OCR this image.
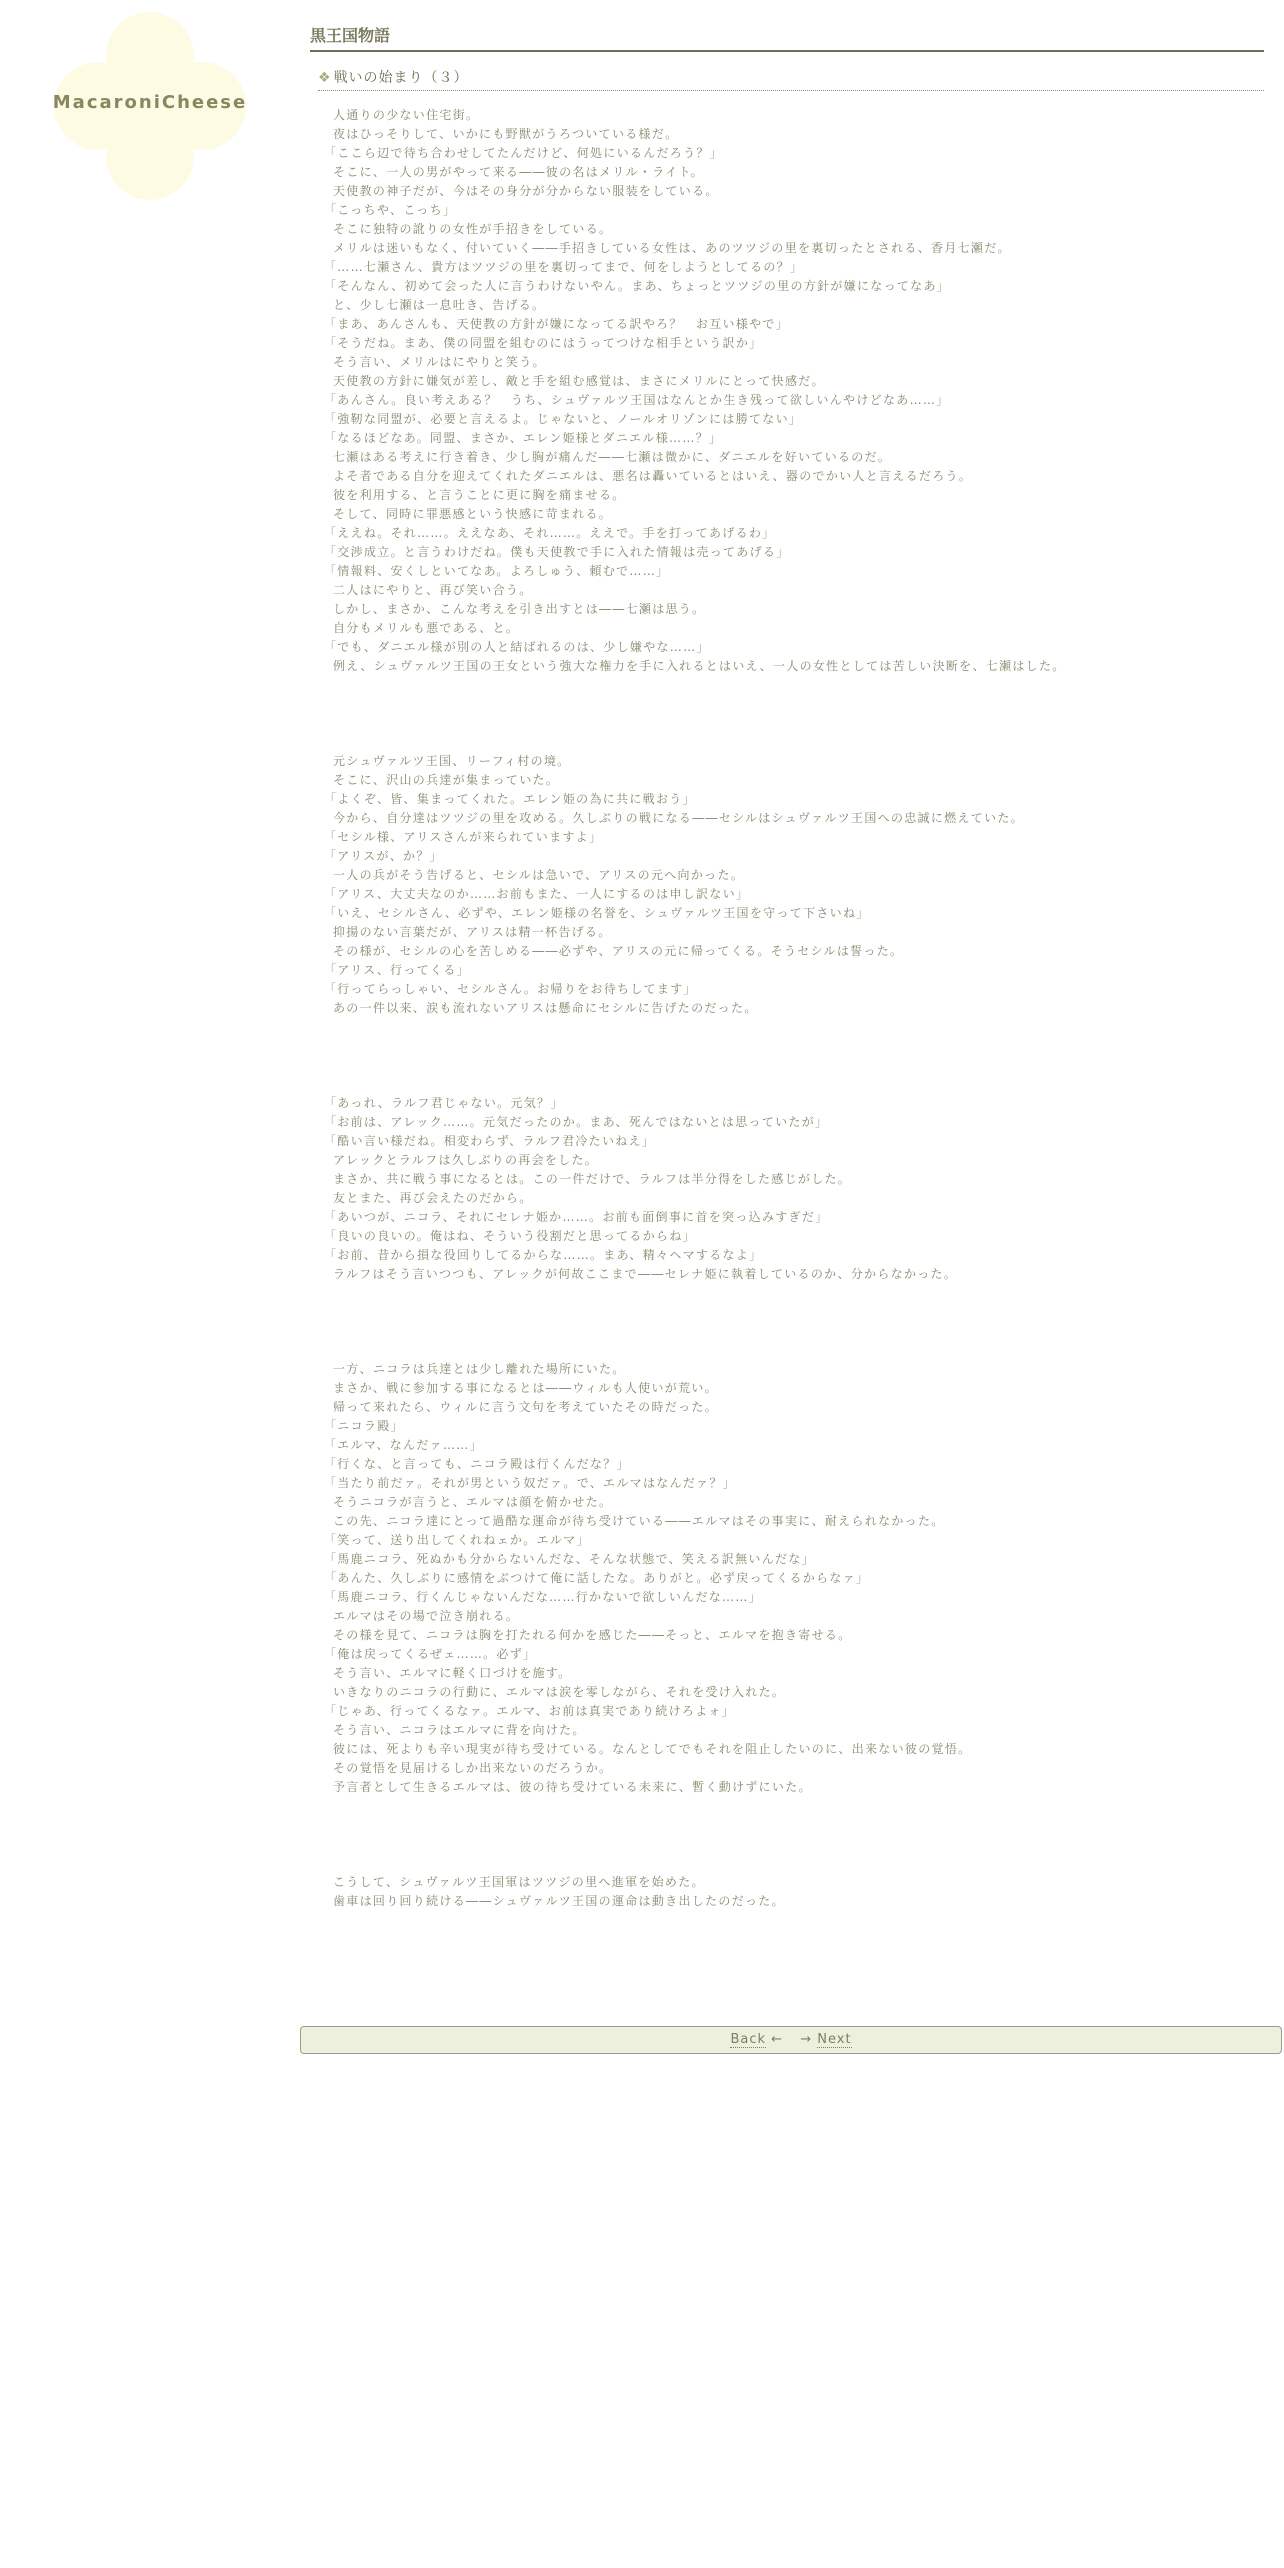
MacaroniCheese
黒王国物語
❖ 戦いの始まり（３）
人通りの少ない住宅街。
夜はひっそりして、いかにも野獣がうろついている様だ。
「ここら辺で待ち合わせしてたんだけど、何処にいるんだろう？」
そこに、一人の男がやって来る――彼の名はメリル・ライト。
天使教の神子だが、今はその身分が分からない服装をしている。
「こっちや、こっち」
そこに独特の訛りの女性が手招きをしている。
メリルは迷いもなく、付いていく――手招きしている女性は、あのツツジの里を裏切ったとされる、香月七瀬だ。
「……七瀬さん、貴方はツツジの里を裏切ってまで、何をしようとしてるの？」
「そんなん、初めて会った人に言うわけないやん。まあ、ちょっとツツジの里の方針が嫌になってなあ」
と、少し七瀬は一息吐き、告げる。
「まあ、あんさんも、天使教の方針が嫌になってる訳やろ？　お互い様やで」
「そうだね。まあ、僕の同盟を組むのにはうってつけな相手という訳か」
そう言い、メリルはにやりと笑う。
天使教の方針に嫌気が差し、敵と手を組む感覚は、まさにメリルにとって快感だ。
「あんさん。良い考えある？　うち、シュヴァルツ王国はなんとか生き残って欲しいんやけどなあ……」
「強靭な同盟が、必要と言えるよ。じゃないと、ノールオリゾンには勝てない」
「なるほどなあ。同盟、まさか、エレン姫様とダニエル様……？」
七瀬はある考えに行き着き、少し胸が痛んだ――七瀬は微かに、ダニエルを好いているのだ。
よそ者である自分を迎えてくれたダニエルは、悪名は轟いているとはいえ、器のでかい人と言えるだろう。
彼を利用する、と言うことに更に胸を痛ませる。
そして、同時に罪悪感という快感に苛まれる。
「ええね。それ……。ええなあ、それ……。ええで。手を打ってあげるわ」
「交渉成立。と言うわけだね。僕も天使教で手に入れた情報は売ってあげる」
「情報料、安くしといてなあ。よろしゅう、頼むで……」
二人はにやりと、再び笑い合う。
しかし、まさか、こんな考えを引き出すとは――七瀬は思う。
自分もメリルも悪である、と。
「でも、ダニエル様が別の人と結ばれるのは、少し嫌やな……」
例え、シュヴァルツ王国の王女という強大な権力を手に入れるとはいえ、一人の女性としては苦しい決断を、七瀬はした。
元シュヴァルツ王国、リーフィ村の境。
そこに、沢山の兵達が集まっていた。
「よくぞ、皆、集まってくれた。エレン姫の為に共に戦おう」
今から、自分達はツツジの里を攻める。久しぶりの戦になる――セシルはシュヴァルツ王国への忠誠に燃えていた。
「セシル様、アリスさんが来られていますよ」
「アリスが、か？」
一人の兵がそう告げると、セシルは急いで、アリスの元へ向かった。
「アリス、大丈夫なのか……お前もまた、一人にするのは申し訳ない」
「いえ、セシルさん、必ずや、エレン姫様の名誉を、シュヴァルツ王国を守って下さいね」
抑揚のない言葉だが、アリスは精一杯告げる。
その様が、セシルの心を苦しめる――必ずや、アリスの元に帰ってくる。そうセシルは誓った。
「アリス、行ってくる」
「行ってらっしゃい、セシルさん。お帰りをお待ちしてます」
あの一件以来、涙も流れないアリスは懸命にセシルに告げたのだった。
「あっれ、ラルフ君じゃない。元気？」
「お前は、アレック……。元気だったのか。まあ、死んではないとは思っていたが」
「酷い言い様だね。相変わらず、ラルフ君冷たいねえ」
アレックとラルフは久しぶりの再会をした。
まさか、共に戦う事になるとは。この一件だけで、ラルフは半分得をした感じがした。
友とまた、再び会えたのだから。
「あいつが、ニコラ、それにセレナ姫か……。お前も面倒事に首を突っ込みすぎだ」
「良いの良いの。俺はね、そういう役割だと思ってるからね」
「お前、昔から損な役回りしてるからな……。まあ、精々ヘマするなよ」
ラルフはそう言いつつも、アレックが何故ここまで――セレナ姫に執着しているのか、分からなかった。
一方、ニコラは兵達とは少し離れた場所にいた。
まさか、戦に参加する事になるとは――ウィルも人使いが荒い。
帰って来れたら、ウィルに言う文句を考えていたその時だった。
「ニコラ殿」
「エルマ、なんだァ……」
「行くな、と言っても、ニコラ殿は行くんだな？」
「当たり前だァ。それが男という奴だァ。で、エルマはなんだァ？」
そうニコラが言うと、エルマは顔を俯かせた。
この先、ニコラ達にとって過酷な運命が待ち受けている――エルマはその事実に、耐えられなかった。
「笑って、送り出してくれねェか。エルマ」
「馬鹿ニコラ、死ぬかも分からないんだな、そんな状態で、笑える訳無いんだな」
「あんた、久しぶりに感情をぶつけて俺に話したな。ありがと。必ず戻ってくるからなァ」
「馬鹿ニコラ、行くんじゃないんだな……行かないで欲しいんだな……」
エルマはその場で泣き崩れる。
その様を見て、ニコラは胸を打たれる何かを感じた――そっと、エルマを抱き寄せる。
「俺は戻ってくるぜェ……。必ず」
そう言い、エルマに軽く口づけを施す。
いきなりのニコラの行動に、エルマは涙を零しながら、それを受け入れた。
「じゃあ、行ってくるなァ。エルマ、お前は真実であり続けろよォ」
そう言い、ニコラはエルマに背を向けた。
彼には、死よりも辛い現実が待ち受けている。なんとしてでもそれを阻止したいのに、出来ない彼の覚悟。
その覚悟を見届けるしか出来ないのだろうか。
予言者として生きるエルマは、彼の待ち受けている未来に、暫く動けずにいた。
こうして、シュヴァルツ王国軍はツツジの里へ進軍を始めた。
歯車は回り回り続ける――シュヴァルツ王国の運命は動き出したのだった。
Back ← → Next
